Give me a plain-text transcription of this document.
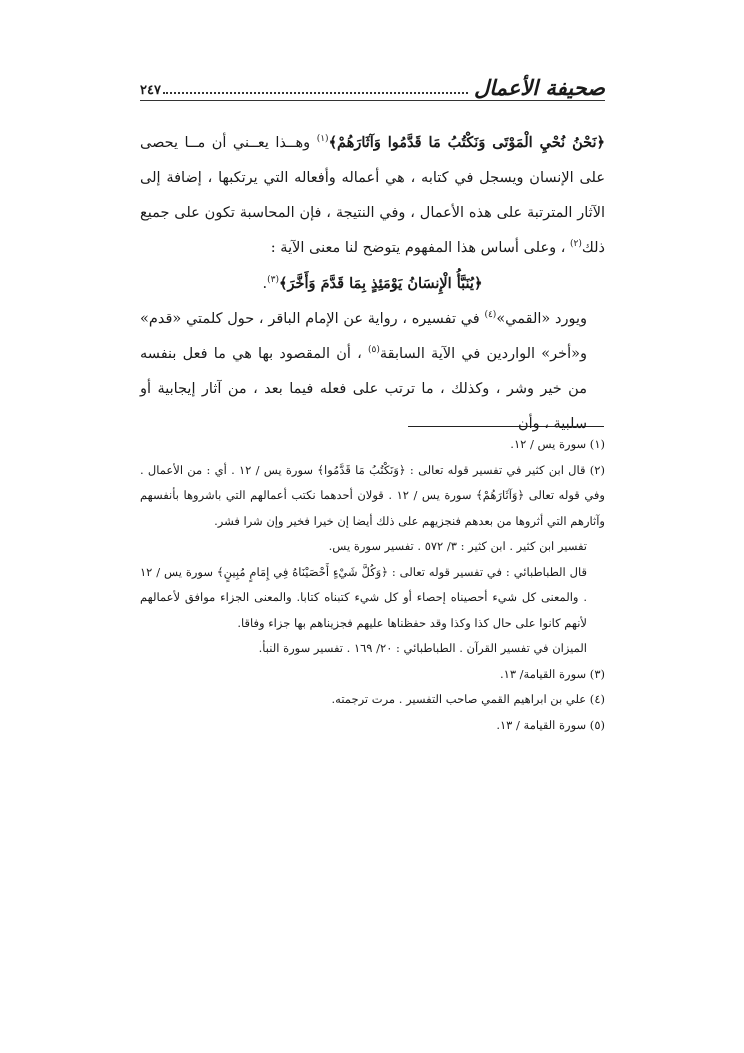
صحيفة الأعمال
٢٤٧

﴿نَحْنُ نُحْيِ الْمَوْتَى وَنَكْتُبُ مَا قَدَّمُوا وَآثَارَهُمْ﴾$^{(١)}$ وهــذا يعــني أن مــا يحصى على الإنسان ويسجل في كتابه ، هي أعماله وأفعاله التي يرتكبها ، إضافة إلى الآثار المترتبة على هذه الأعمال ، وفي النتيجة ، فإن المحاسبة تكون على جميع ذلك$^{(٢)}$ ، وعلى أساس هذا المفهوم يتوضح لنا معنى الآية :

﴿يُنَبَّأُ الْإِنسَانُ يَوْمَئِذٍ بِمَا قَدَّمَ وَأَخَّرَ﴾$^{(٣)}$.

ويورد «القمي»$^{(٤)}$ في تفسيره ، رواية عن الإمام الباقر ، حول كلمتي «قدم» و«أخر» الواردين في الآية السابقة$^{(٥)}$ ، أن المقصود بها هي ما فعل بنفسه من خير وشر ، وكذلك ، ما ترتب على فعله فيما بعد ، من آثار إيجابية أو سلبية ، وأن

(١) سورة يس / ١٢.

(٢) قال ابن كثير في تفسير قوله تعالى : ﴿وَنَكْتُبُ مَا قَدَّمُوا﴾ سورة يس / ١٢ . أي : من الأعمال . وفي قوله تعالى ﴿وَآثَارَهُمْ﴾ سورة يس / ١٢ . قولان أحدهما نكتب أعمالهم التي باشروها بأنفسهم وآثارهم التي أثروها من بعدهم فنجزيهم على ذلك أيضا إن خيرا فخير وإن شرا فشر.

تفسير ابن كثير . ابن كثير : ٣/ ٥٧٢ . تفسير سورة يس.

قال الطباطبائي : في تفسير قوله تعالى : ﴿وَكُلَّ شَيْءٍ أَحْصَيْنَاهُ فِي إِمَامٍ مُبِينٍ﴾ سورة يس / ١٢ . والمعنى كل شيء أحصيناه إحصاء أو كل شيء كتبناه كتابا. والمعنى الجزاء موافق لأعمالهم لأنهم كانوا على حال كذا وكذا وقد حفظناها عليهم فجزيناهم بها جزاء وفاقا.

الميزان في تفسير القرآن . الطباطبائي : ٢٠/ ١٦٩ . تفسير سورة النبأ.

(٣) سورة القيامة/ ١٣.

(٤) علي بن ابراهيم القمي صاحب التفسير . مرت ترجمته.

(٥) سورة القيامة / ١٣.
